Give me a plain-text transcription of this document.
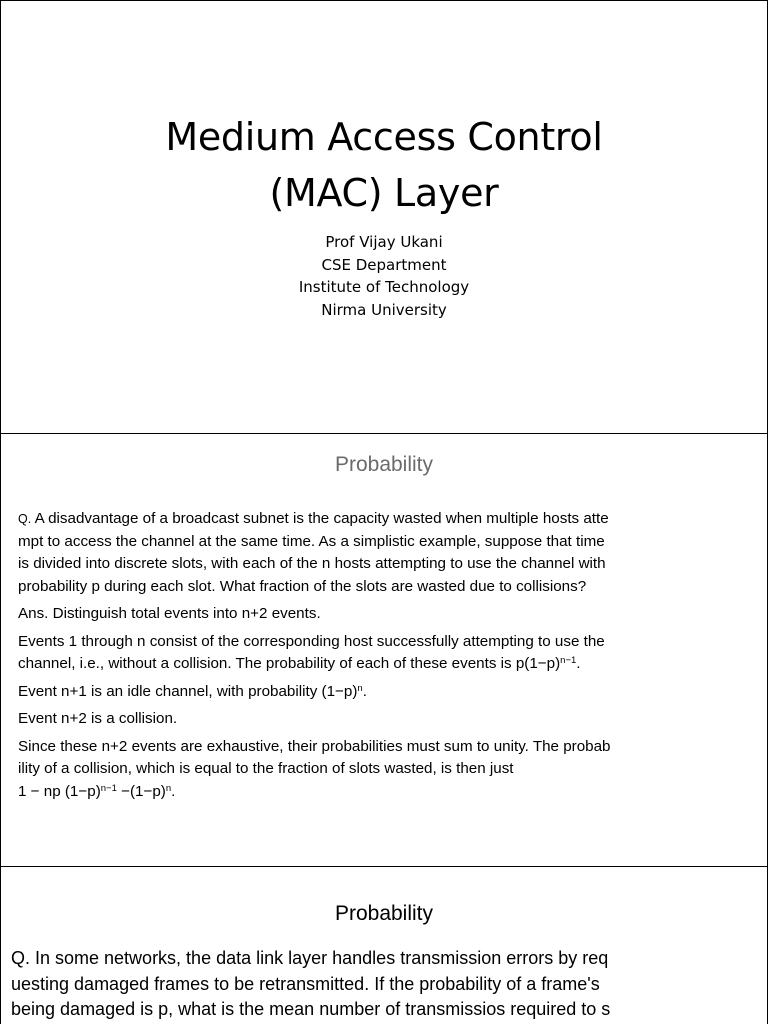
Medium Access Control
(MAC) Layer
Prof Vijay Ukani
CSE Department
Institute of Technology
Nirma University
Probability
Q. A disadvantage of a broadcast subnet is the capacity wasted when multiple hosts atte
mpt to access the channel at the same time. As a simplistic example, suppose that time
is divided into discrete slots, with each of the n hosts attempting to use the channel with
probability p during each slot. What fraction of the slots are wasted due to collisions?
Ans. Distinguish total events into n+2 events.
Events 1 through n consist of the corresponding host successfully attempting to use the
channel, i.e., without a collision. The probability of each of these events is $p(1-p)^{n-1}$.
Event n+1 is an idle channel, with probability $(1-p)^n$.
Event n+2 is a collision.
Since these n+2 events are exhaustive, their probabilities must sum to unity. The probab
ility of a collision, which is equal to the fraction of slots wasted, is then just
1 − np $(1-p)^{n-1} -(1-p)^n$.
Probability
Q. In some networks, the data link layer handles transmission errors by req
uesting damaged frames to be retransmitted. If the probability of a frame's
being damaged is p, what is the mean number of transmissios required to s
